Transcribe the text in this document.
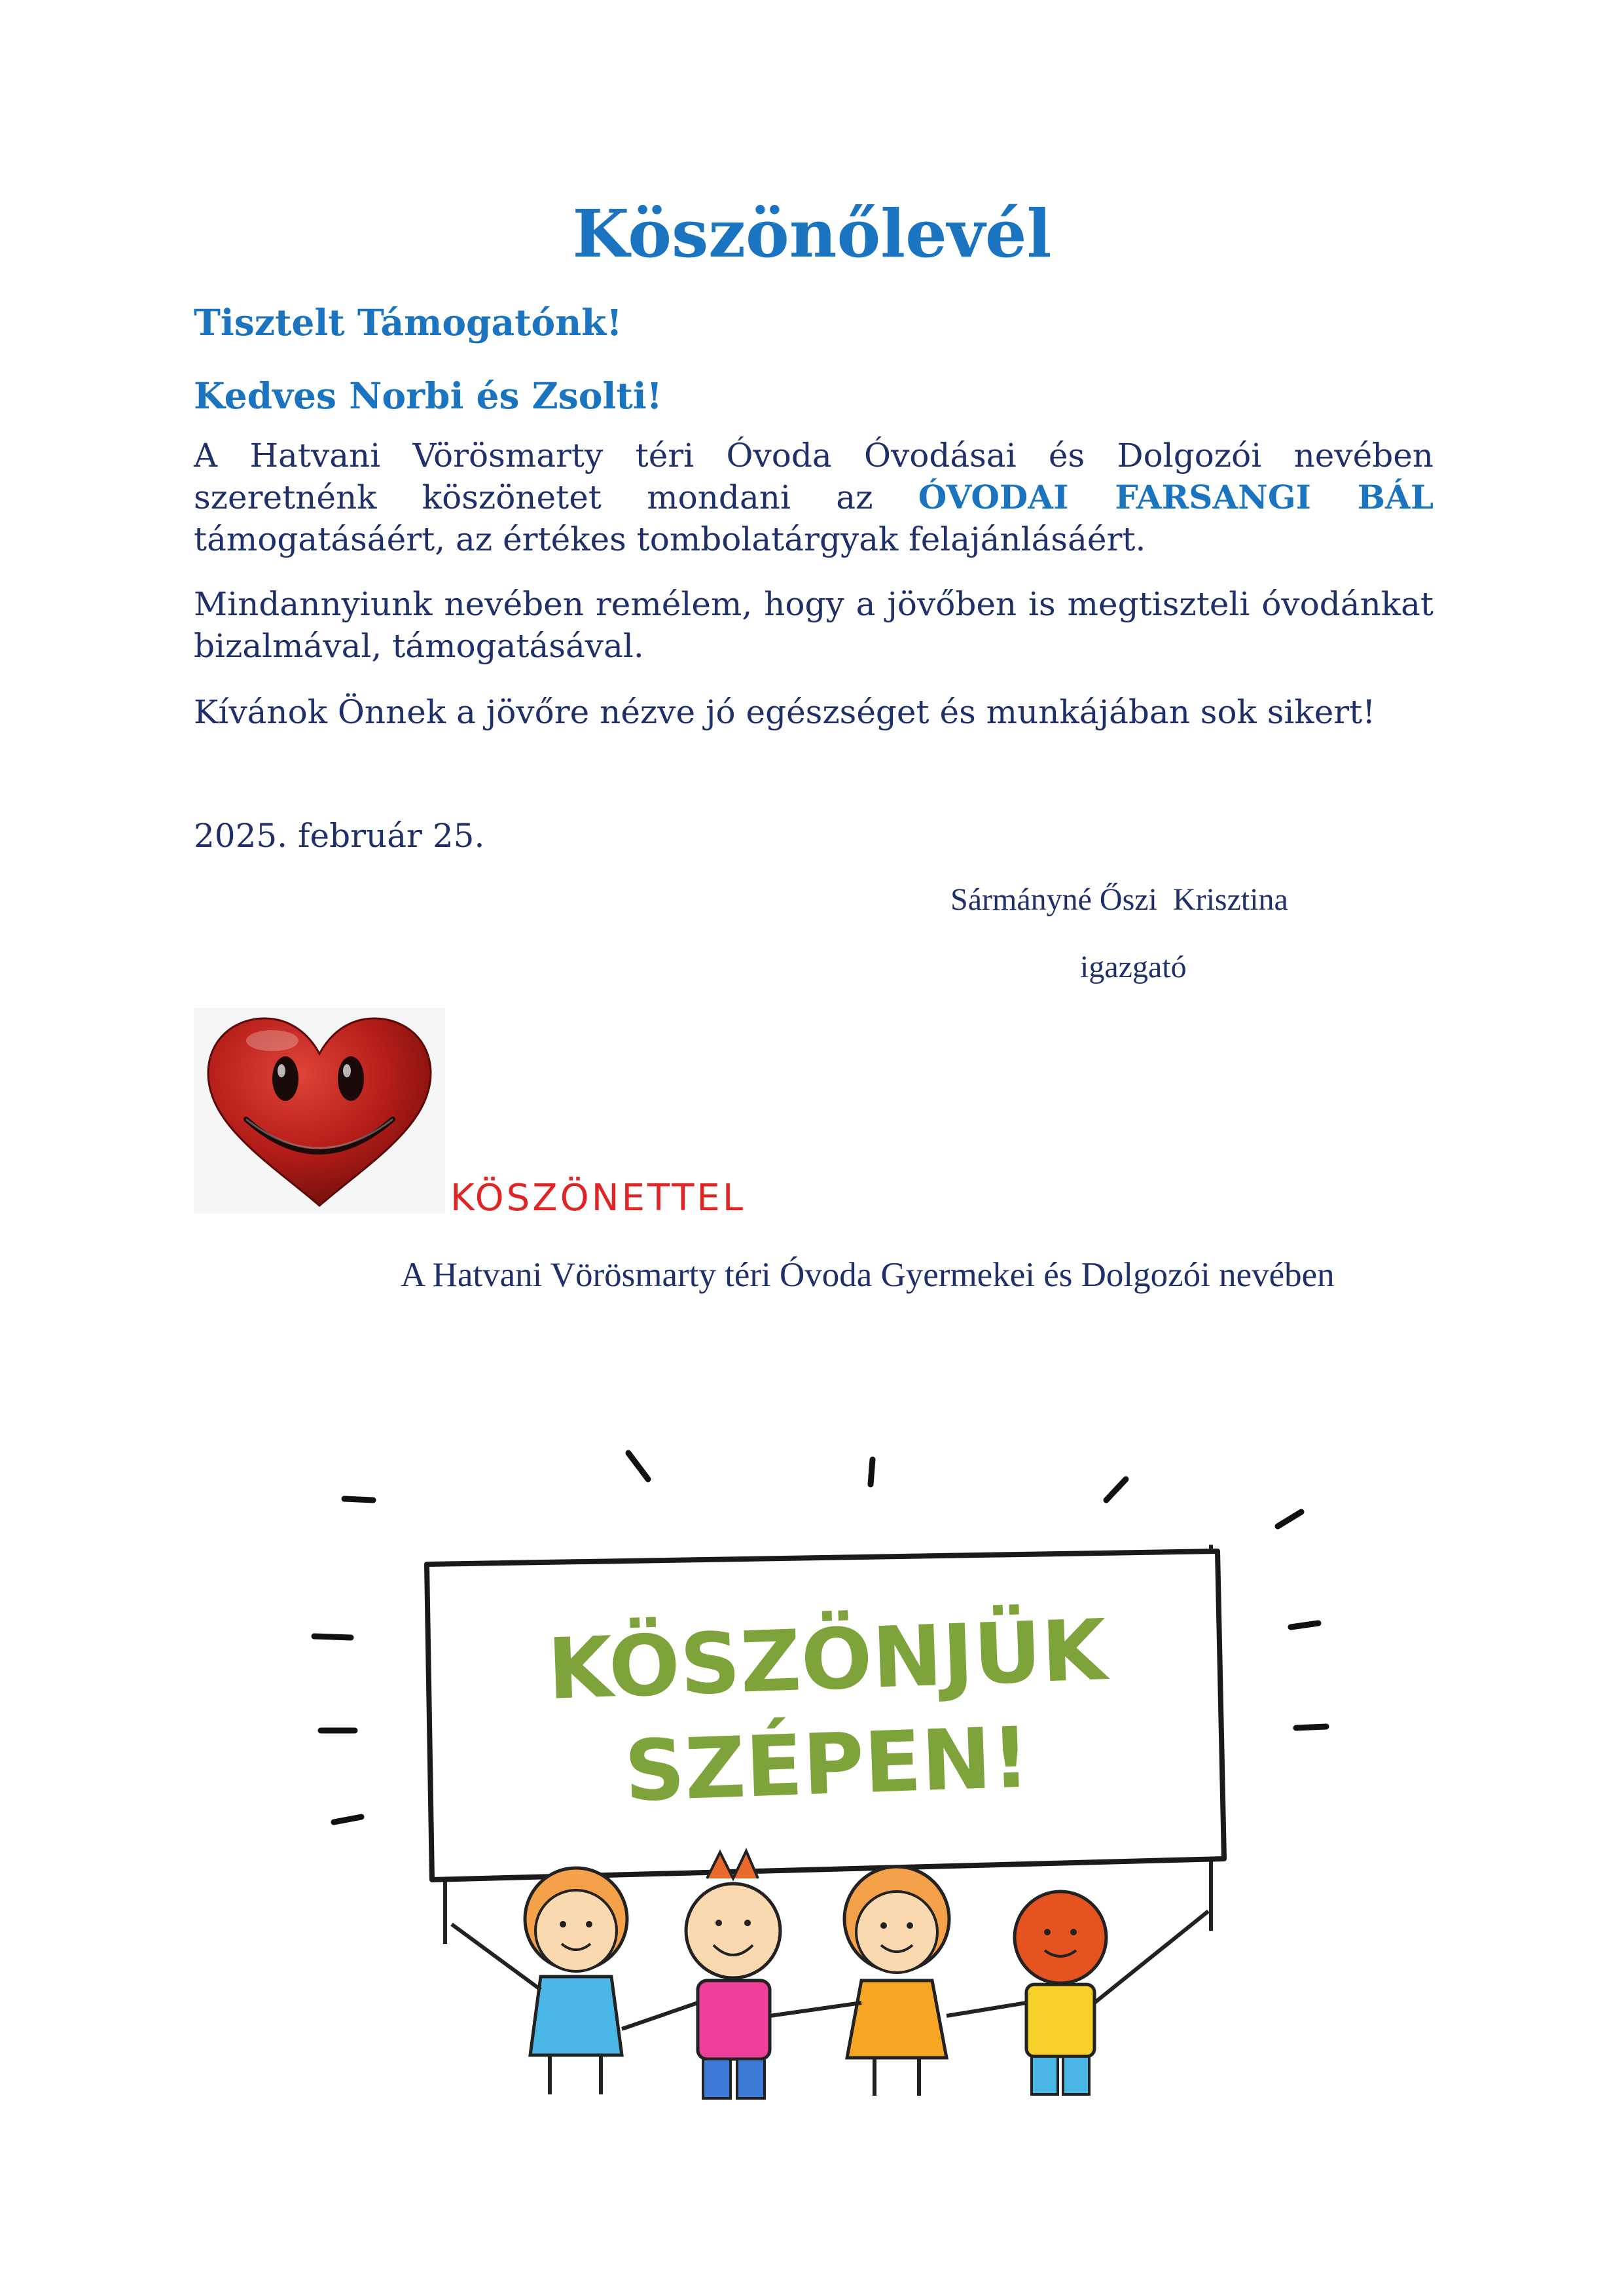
Köszönőlevél
Tisztelt Támogatónk!
Kedves Norbi és Zsolti!
A Hatvani Vörösmarty téri Óvoda Óvodásai és Dolgozói nevében szeretnénk köszönetet mondani az ÓVODAI FARSANGI BÁL támogatásáért, az értékes tombolatárgyak felajánlásáért.
Mindannyiunk nevében remélem, hogy a jövőben is megtiszteli óvodánkat bizalmával, támogatásával.
Kívánok Önnek a jövőre nézve jó egészséget és munkájában sok sikert!
2025. február 25.
Sármányné Őszi  Krisztina
igazgató
KÖSZÖNETTEL
A Hatvani Vörösmarty téri Óvoda Gyermekei és Dolgozói nevében
KÖSZÖNJÜK
SZÉPEN!
